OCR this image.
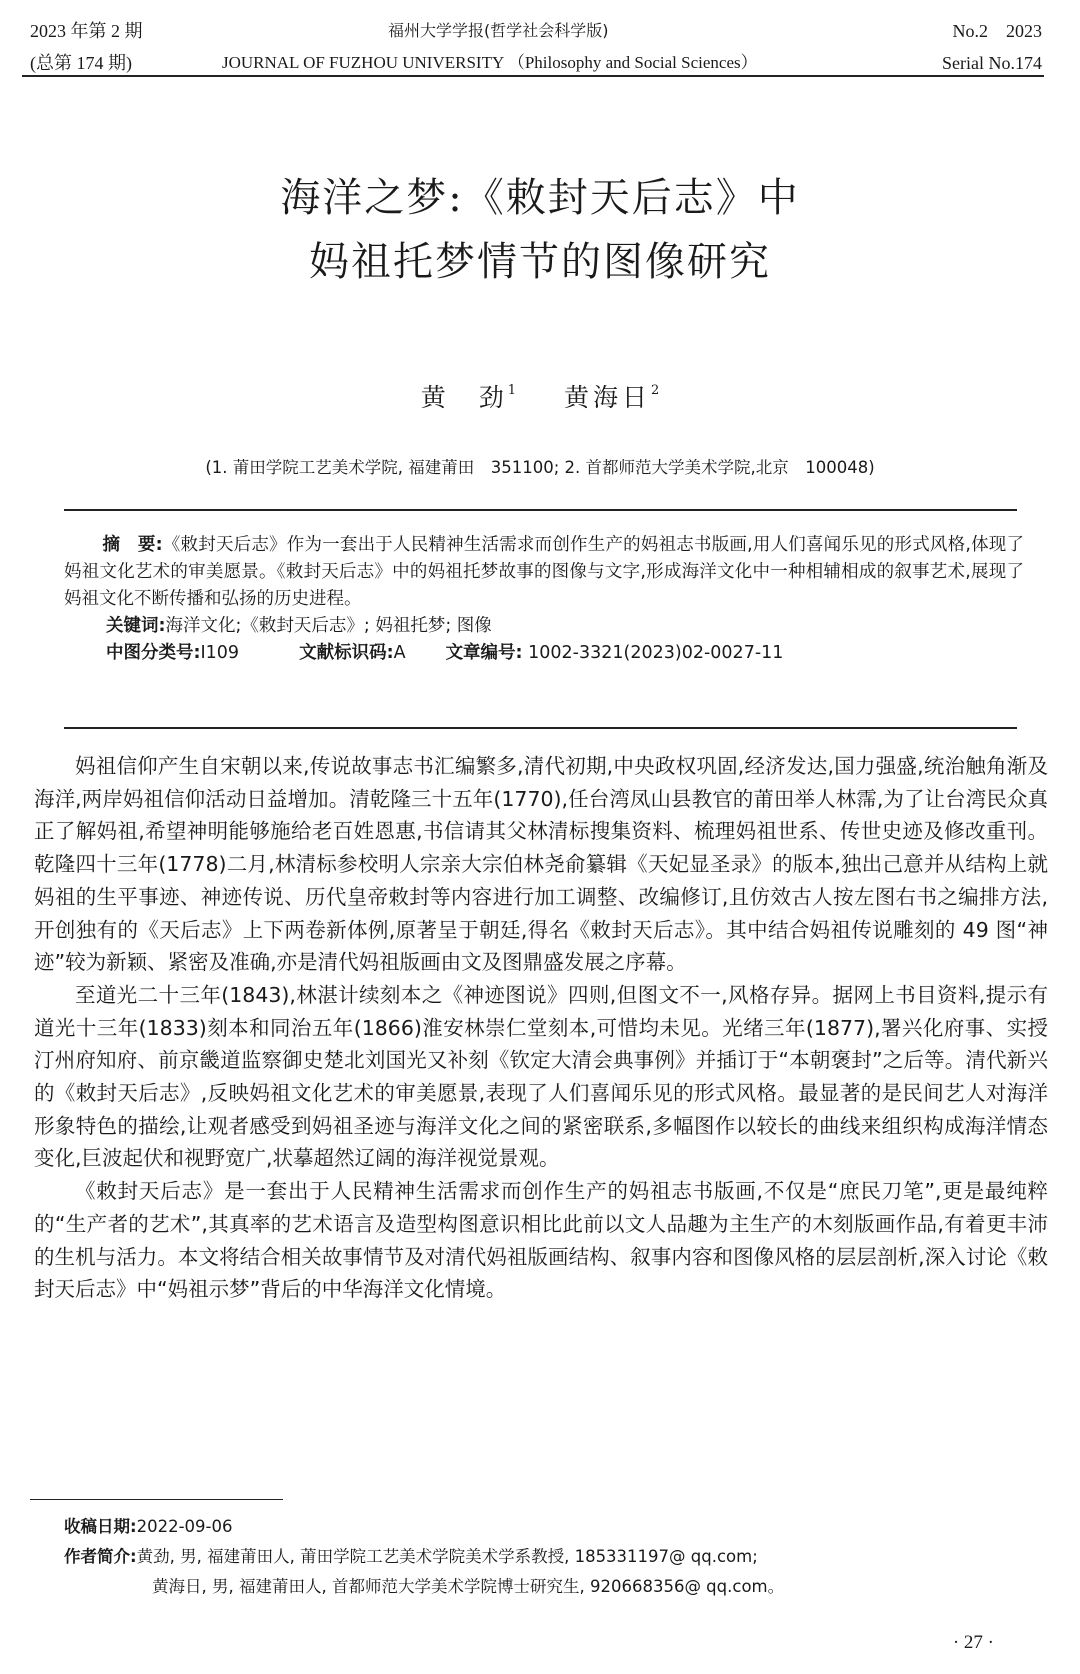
2023 年第 2 期
(总第 174 期)
福州大学学报(哲学社会科学版)
JOURNAL OF FUZHOU UNIVERSITY （Philosophy and Social Sciences）
No.2　2023
Serial No.174
海洋之梦:《敕封天后志》中
妈祖托梦情节的图像研究
黄　劲$^1$ 黄海日$^2$
(1. 莆田学院工艺美术学院, 福建莆田　351100; 2. 首都师范大学美术学院,北京　100048)

摘　要:《敕封天后志》作为一套出于人民精神生活需求而创作生产的妈祖志书版画,用人们喜闻乐见的形式风格,体现了妈祖文化艺术的审美愿景。《敕封天后志》中的妈祖托梦故事的图像与文字,形成海洋文化中一种相辅相成的叙事艺术,展现了妈祖文化不断传播和弘扬的历史进程。

关键词:海洋文化;《敕封天后志》; 妈祖托梦; 图像

中图分类号:I109	文献标识码:A 文章编号: 1002-3321(2023)02-0027-11

妈祖信仰产生自宋朝以来,传说故事志书汇编繁多,清代初期,中央政权巩固,经济发达,国力强盛,统治触角渐及海洋,两岸妈祖信仰活动日益增加。清乾隆三十五年(1770),任台湾凤山县教官的莆田举人林霈,为了让台湾民众真正了解妈祖,希望神明能够施给老百姓恩惠,书信请其父林清标搜集资料、梳理妈祖世系、传世史迹及修改重刊。乾隆四十三年(1778)二月,林清标参校明人宗亲大宗伯林尧俞纂辑《天妃显圣录》的版本,独出己意并从结构上就妈祖的生平事迹、神迹传说、历代皇帝敕封等内容进行加工调整、改编修订,且仿效古人按左图右书之编排方法,开创独有的《天后志》上下两卷新体例,原著呈于朝廷,得名《敕封天后志》。其中结合妈祖传说雕刻的 49 图“神迹”较为新颖、紧密及准确,亦是清代妈祖版画由文及图鼎盛发展之序幕。

至道光二十三年(1843),林湛计续刻本之《神迹图说》四则,但图文不一,风格存异。据网上书目资料,提示有道光十三年(1833)刻本和同治五年(1866)淮安林崇仁堂刻本,可惜均未见。光绪三年(1877),署兴化府事、实授汀州府知府、前京畿道监察御史楚北刘国光又补刻《钦定大清会典事例》并插订于“本朝褒封”之后等。清代新兴的《敕封天后志》,反映妈祖文化艺术的审美愿景,表现了人们喜闻乐见的形式风格。最显著的是民间艺人对海洋形象特色的描绘,让观者感受到妈祖圣迹与海洋文化之间的紧密联系,多幅图作以较长的曲线来组织构成海洋情态变化,巨波起伏和视野宽广,状摹超然辽阔的海洋视觉景观。

《敕封天后志》是一套出于人民精神生活需求而创作生产的妈祖志书版画,不仅是“庶民刀笔”,更是最纯粹的“生产者的艺术”,其真率的艺术语言及造型构图意识相比此前以文人品趣为主生产的木刻版画作品,有着更丰沛的生机与活力。本文将结合相关故事情节及对清代妈祖版画结构、叙事内容和图像风格的层层剖析,深入讨论《敕封天后志》中“妈祖示梦”背后的中华海洋文化情境。

收稿日期:2022-09-06
作者简介:黄劲, 男, 福建莆田人, 莆田学院工艺美术学院美术学系教授, 185331197@ qq.com;
黄海日, 男, 福建莆田人, 首都师范大学美术学院博士研究生, 920668356@ qq.com。
· 27 ·
